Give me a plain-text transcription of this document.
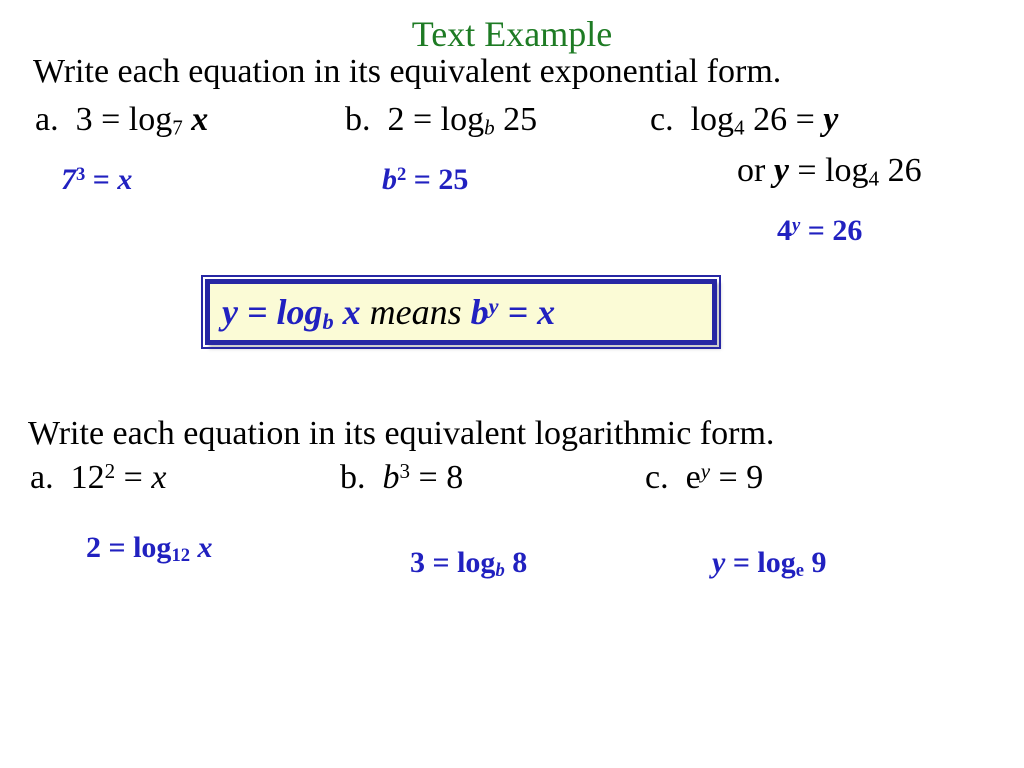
Text Example
Write each equation in its equivalent exponential form.
a.  3 = log7 x	b.  2 = logb 25	c.  log4 26 = y
$7^3 = x$	$b^2 = 25$	or y = log4 26
$4^y = 26$
y = logb x means $b^y = x$
Write each equation in its equivalent logarithmic form.
a.  $12^2 = x$	b.  $b^3 = 8$	c.  $e^y = 9$
2 = log12 x	3 = logb 8	y = loge 9
